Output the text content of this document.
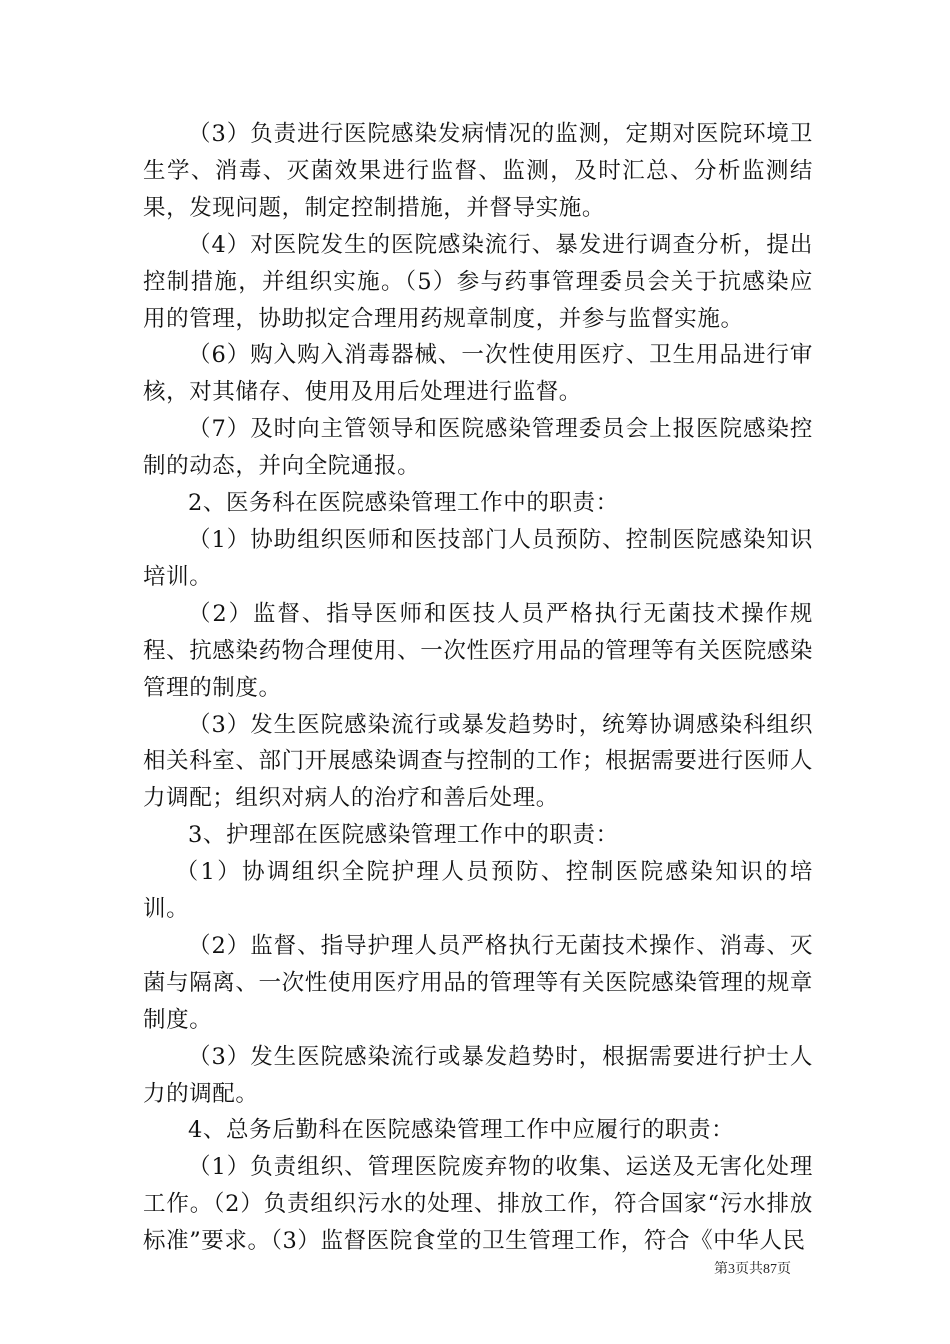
（3）负责进行医院感染发病情况的监测，定期对医院环境卫生学、消毒、灭菌效果进行监督、监测，及时汇总、分析监测结果，发现问题，制定控制措施，并督导实施。

（4）对医院发生的医院感染流行、暴发进行调查分析，提出控制措施，并组织实施。（5）参与药事管理委员会关于抗感染应用的管理，协助拟定合理用药规章制度，并参与监督实施。

（6）购入购入消毒器械、一次性使用医疗、卫生用品进行审核，对其储存、使用及用后处理进行监督。

（7）及时向主管领导和医院感染管理委员会上报医院感染控制的动态，并向全院通报。

2、医务科在医院感染管理工作中的职责：

（1）协助组织医师和医技部门人员预防、控制医院感染知识培训。

（2）监督、指导医师和医技人员严格执行无菌技术操作规程、抗感染药物合理使用、一次性医疗用品的管理等有关医院感染管理的制度。

（3）发生医院感染流行或暴发趋势时，统筹协调感染科组织相关科室、部门开展感染调查与控制的工作；根据需要进行医师人力调配；组织对病人的治疗和善后处理。

3、护理部在医院感染管理工作中的职责：

（1）协调组织全院护理人员预防、控制医院感染知识的培训。

（2）监督、指导护理人员严格执行无菌技术操作、消毒、灭菌与隔离、一次性使用医疗用品的管理等有关医院感染管理的规章制度。

（3）发生医院感染流行或暴发趋势时，根据需要进行护士人力的调配。

4、总务后勤科在医院感染管理工作中应履行的职责：

（1）负责组织、管理医院废弃物的收集、运送及无害化处理工作。（2）负责组织污水的处理、排放工作，符合国家“污水排放标准”要求。（3）监督医院食堂的卫生管理工作，符合《中华人民

第3页共87页
